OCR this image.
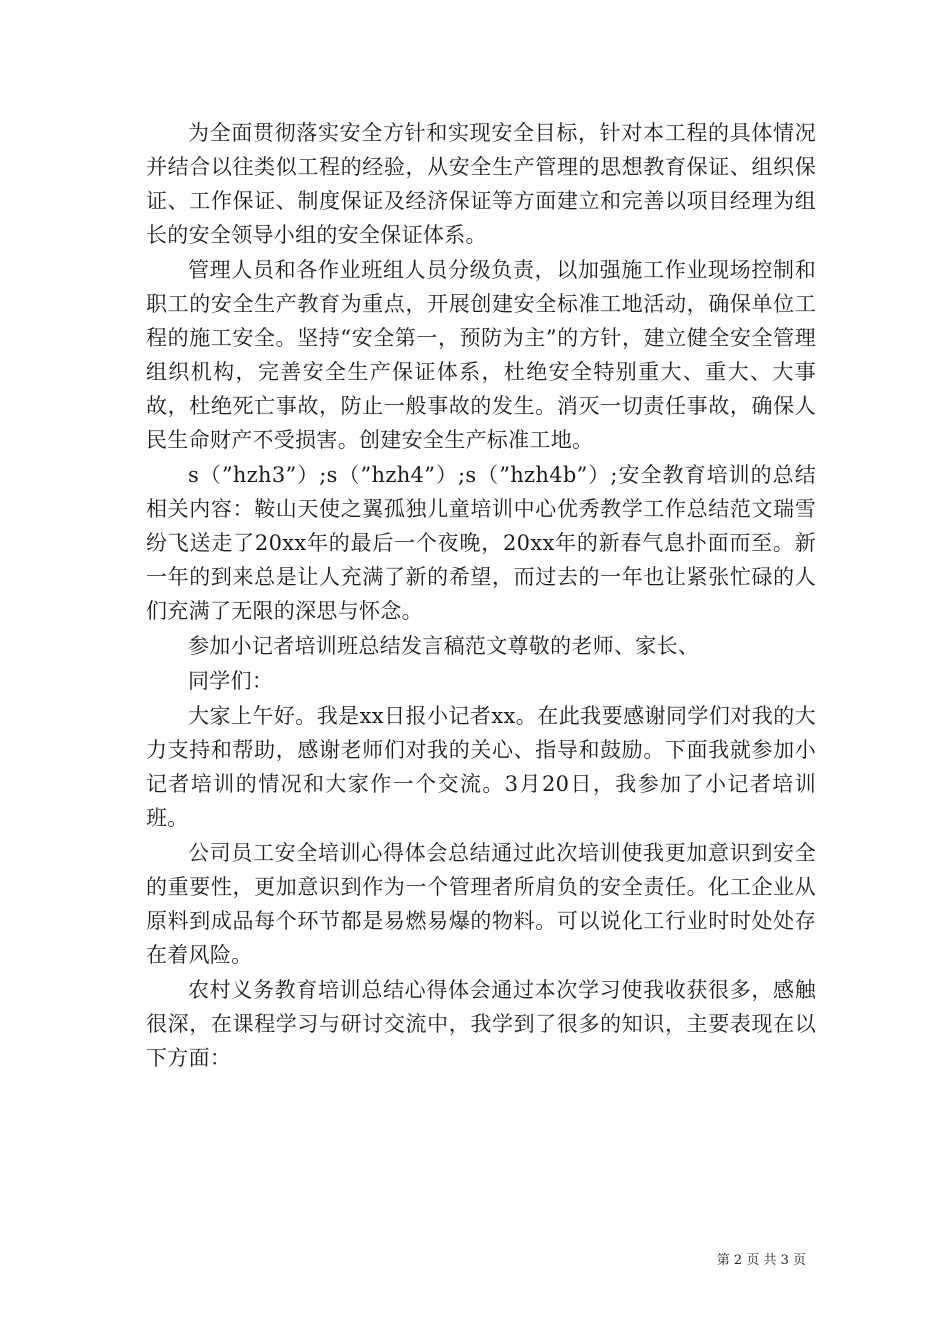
为全面贯彻落实安全方针和实现安全目标，针对本工程的具体情况并结合以往类似工程的经验，从安全生产管理的思想教育保证、组织保证、工作保证、制度保证及经济保证等方面建立和完善以项目经理为组长的安全领导小组的安全保证体系。

管理人员和各作业班组人员分级负责，以加强施工作业现场控制和职工的安全生产教育为重点，开展创建安全标准工地活动，确保单位工程的施工安全。坚持“安全第一，预防为主”的方针，建立健全安全管理组织机构，完善安全生产保证体系，杜绝安全特别重大、重大、大事故，杜绝死亡事故，防止一般事故的发生。消灭一切责任事故，确保人民生命财产不受损害。创建安全生产标准工地。

s（”hzh3”）;s（”hzh4”）;s（”hzh4b”）;安全教育培训的总结相关内容：鞍山天使之翼孤独儿童培训中心优秀教学工作总结范文瑞雪纷飞送走了20xx年的最后一个夜晚，20xx年的新春气息扑面而至。新一年的到来总是让人充满了新的希望，而过去的一年也让紧张忙碌的人们充满了无限的深思与怀念。

参加小记者培训班总结发言稿范文尊敬的老师、家长、

同学们：

大家上午好。我是xx日报小记者xx。在此我要感谢同学们对我的大力支持和帮助，感谢老师们对我的关心、指导和鼓励。下面我就参加小记者培训的情况和大家作一个交流。3月20日，我参加了小记者培训班。

公司员工安全培训心得体会总结通过此次培训使我更加意识到安全的重要性，更加意识到作为一个管理者所肩负的安全责任。化工企业从原料到成品每个环节都是易燃易爆的物料。可以说化工行业时时处处存在着风险。

农村义务教育培训总结心得体会通过本次学习使我收获很多，感触很深，在课程学习与研讨交流中，我学到了很多的知识，主要表现在以下方面：

第 2 页 共 3 页
